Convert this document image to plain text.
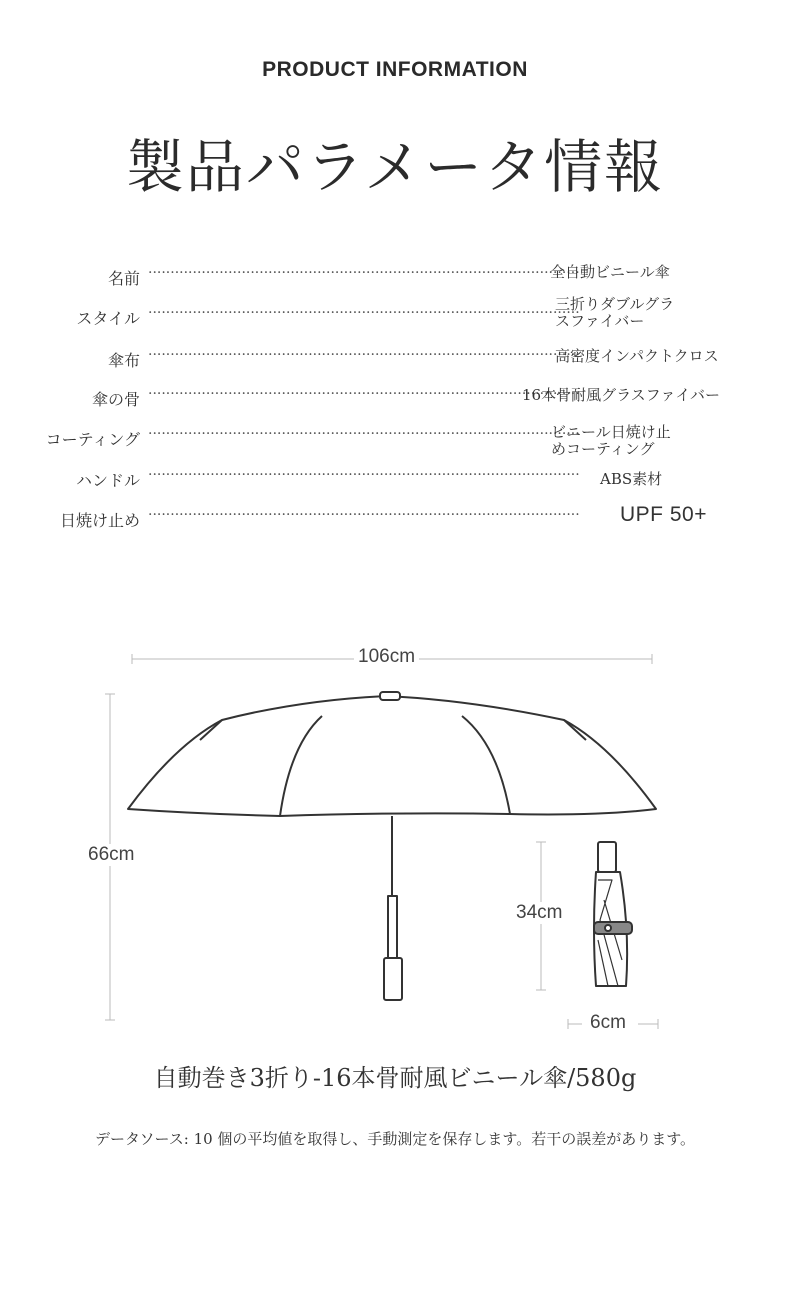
PRODUCT INFORMATION
製品パラメータ情報
名前 ·································································································
全自動ビニール傘
スタイル ·································································································
三折りダブルグラ
スファイバー
傘布 ·································································································
高密度インパクトクロス
傘の骨 ·································································································
16本骨耐風グラスファイバー
コーティング ·································································································
ビニール日焼け止
めコーティング
ハンドル ·································································································	ABS素材
日焼け止め ·································································································	UPF 50+
106cm
66cm
34cm
6cm
自動巻き3折り-16本骨耐風ビニール傘/580g
データソース: 10 個の平均値を取得し、手動測定を保存します。若干の誤差があります。
